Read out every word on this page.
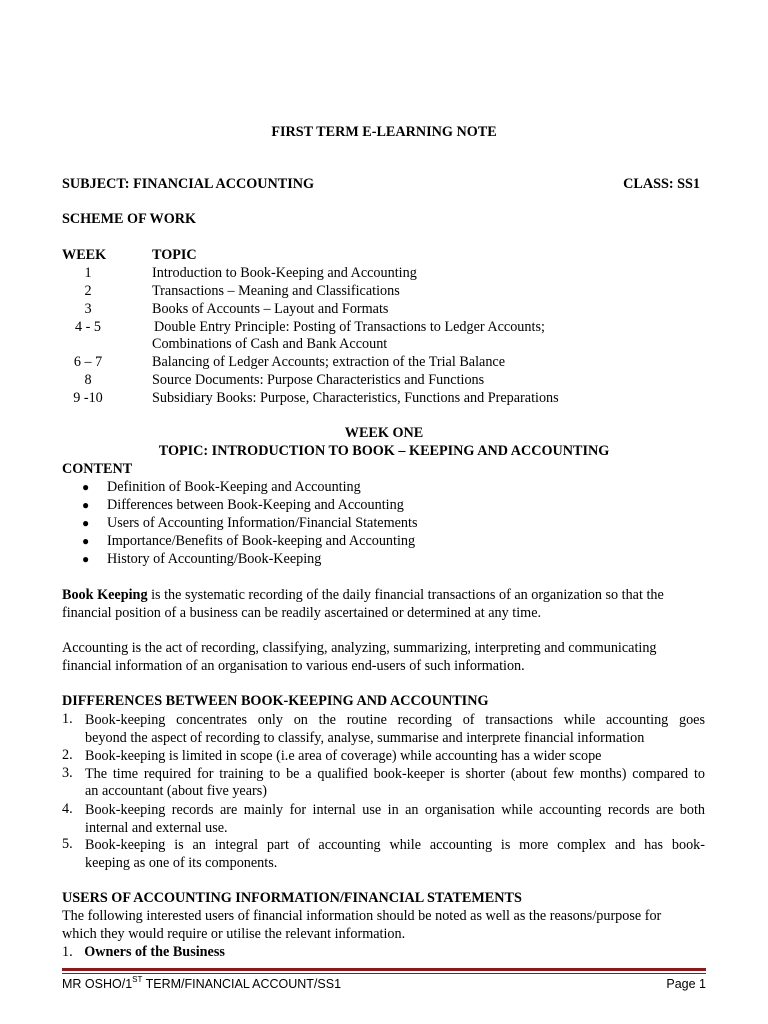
FIRST TERM E-LEARNING NOTE
SUBJECT: FINANCIAL ACCOUNTING	CLASS: SS1
SCHEME OF WORK
WEEK	TOPIC
1	Introduction to Book-Keeping and Accounting
2	Transactions – Meaning and Classifications
3	Books of Accounts – Layout and Formats
4 - 5	Double Entry Principle: Posting of Transactions to Ledger Accounts;
Combinations of Cash and Bank Account
6 – 7	Balancing of Ledger Accounts; extraction of the Trial Balance
8	Source Documents: Purpose Characteristics and Functions
9 -10	Subsidiary Books: Purpose, Characteristics, Functions and Preparations
WEEK ONE
TOPIC: INTRODUCTION TO BOOK – KEEPING AND ACCOUNTING
CONTENT
● Definition of Book-Keeping and Accounting
● Differences between Book-Keeping and Accounting
● Users of Accounting Information/Financial Statements
● Importance/Benefits of Book-keeping and Accounting
● History of Accounting/Book-Keeping
Book Keeping is the systematic recording of the daily financial transactions of an organization so that the
financial position of a business can be readily ascertained or determined at any time.
Accounting is the act of recording, classifying, analyzing, summarizing, interpreting and communicating
financial information of an organisation to various end-users of such information.
DIFFERENCES BETWEEN BOOK-KEEPING AND ACCOUNTING
1. Book-keeping concentrates only on the routine recording of transactions while accounting goes
beyond the aspect of recording to classify, analyse, summarise and interprete financial information
2. Book-keeping is limited in scope (i.e area of coverage) while accounting has a wider scope
3. The time required for training to be a qualified book-keeper is shorter (about few months) compared to
an accountant (about five years)
4. Book-keeping records are mainly for internal use in an organisation while accounting records are both
internal and external use.
5. Book-keeping is an integral part of accounting while accounting is more complex and has book-
keeping as one of its components.
USERS OF ACCOUNTING INFORMATION/FINANCIAL STATEMENTS
The following interested users of financial information should be noted as well as the reasons/purpose for
which they would require or utilise the relevant information.
1. Owners of the Business
MR OSHO/1ST TERM/FINANCIAL ACCOUNT/SS1	Page 1
